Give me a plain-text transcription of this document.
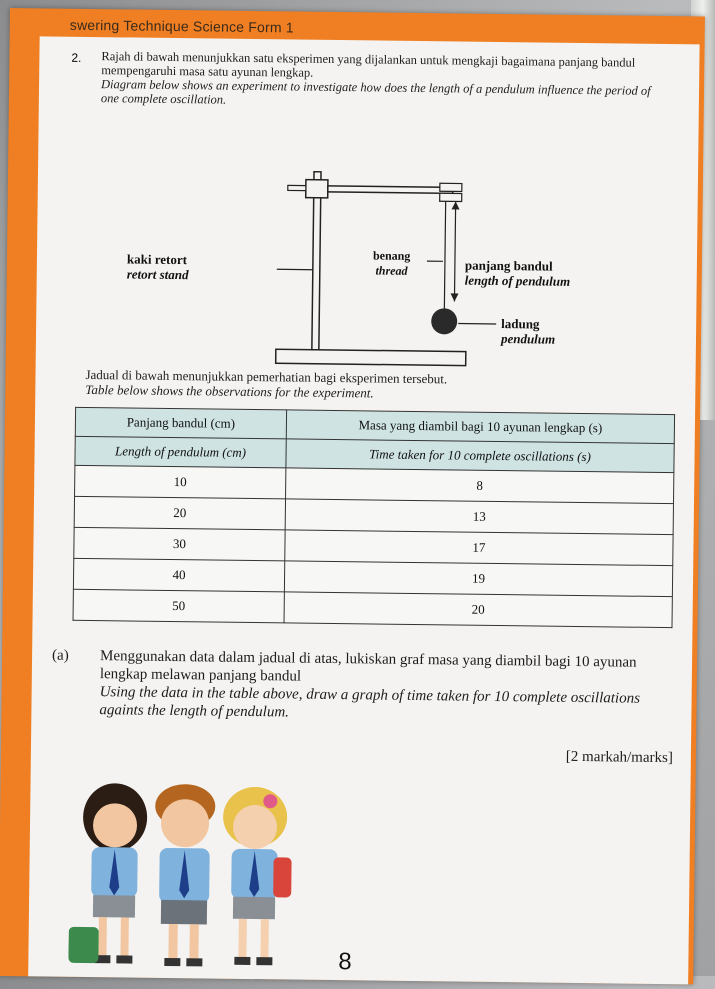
swering Technique Science Form 1
2. Rajah di bawah menunjukkan satu eksperimen yang dijalankan untuk mengkaji bagaimana panjang bandul mempengaruhi masa satu ayunan lengkap.
Diagram below shows an experiment to investigate how does the length of a pendulum influence the period of one complete oscillation.
kaki retort
retort stand
benang
thread	panjang bandul
length of pendulum
ladung
pendulum
Jadual di bawah menunjukkan pemerhatian bagi eksperimen tersebut.
Table below shows the observations for the experiment.
Panjang bandul (cm)	Masa yang diambil bagi 10 ayunan lengkap (s)
Length of pendulum (cm)	Time taken for 10 complete oscillations (s)
10	8
20	13
30	17
40	19
50	20
(a) Menggunakan data dalam jadual di atas, lukiskan graf masa yang diambil bagi 10 ayunan lengkap melawan panjang bandul
Using the data in the table above, draw a graph of time taken for 10 complete oscillations againts the length of pendulum.
[2 markah/marks]
8
